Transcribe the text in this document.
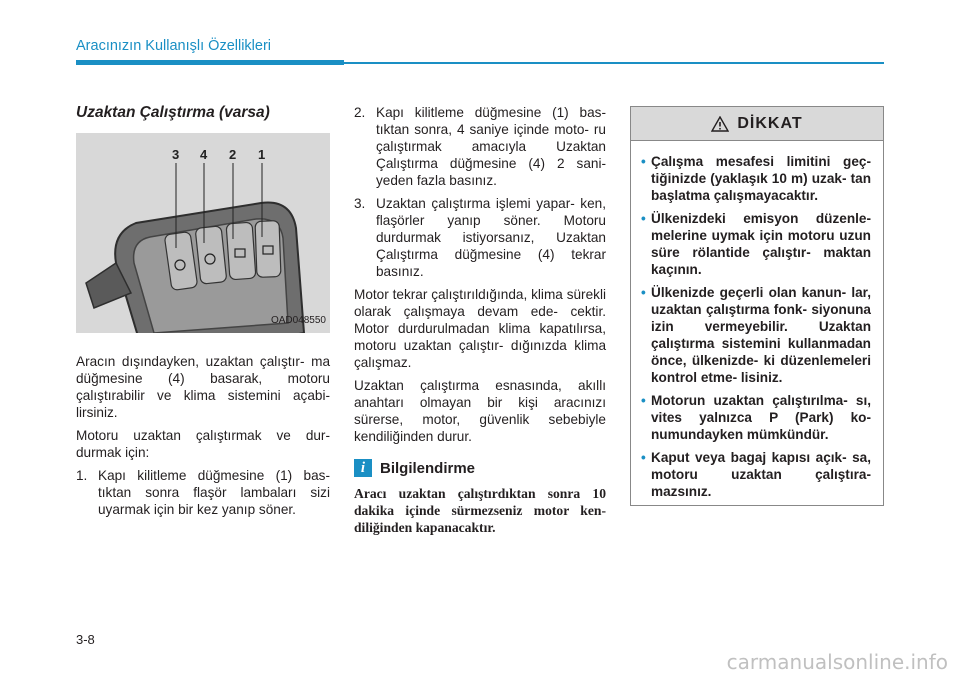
Aracınızın Kullanışlı Özellikleri
Uzaktan Çalıştırma (varsa)
3 4 2 1
OAD048550

Aracın dışındayken, uzaktan çalıştır- ma düğmesine (4) basarak, motoru çalıştırabilir ve klima sistemini açabi- lirsiniz.

Motoru uzaktan çalıştırmak ve dur- durmak için:

1. Kapı kilitleme düğmesine (1) bas- tıktan sonra flaşör lambaları sizi uyarmak için bir kez yanıp söner.
2. Kapı kilitleme düğmesine (1) bas- tıktan sonra, 4 saniye içinde moto- ru çalıştırmak amacıyla Uzaktan Çalıştırma düğmesine (4) 2 sani- yeden fazla basınız.
3. Uzaktan çalıştırma işlemi yapar- ken, flaşörler yanıp söner. Motoru durdurmak istiyorsanız, Uzaktan Çalıştırma düğmesine (4) tekrar basınız.

Motor tekrar çalıştırıldığında, klima sürekli olarak çalışmaya devam ede- cektir. Motor durdurulmadan klima kapatılırsa, motoru uzaktan çalıştır- dığınızda klima çalışmaz.

Uzaktan çalıştırma esnasında, akıllı anahtarı olmayan bir kişi aracınızı sürerse, motor, güvenlik sebebiyle kendiliğinden durur.

i Bilgilendirme
Aracı uzaktan çalıştırdıktan sonra 10 dakika içinde sürmezseniz motor ken- diliğinden kapanacaktır.
DİKKAT
• Çalışma mesafesi limitini geç- tiğinizde (yaklaşık 10 m) uzak- tan başlatma çalışmayacaktır.
• Ülkenizdeki emisyon düzenle- melerine uymak için motoru uzun süre rölantide çalıştır- maktan kaçının.
• Ülkenizde geçerli olan kanun- lar, uzaktan çalıştırma fonk- siyonuna izin vermeyebilir. Uzaktan çalıştırma sistemini kullanmadan önce, ülkenizde- ki düzenlemeleri kontrol etme- lisiniz.
• Motorun uzaktan çalıştırılma- sı, vites yalnızca P (Park) ko- numundayken mümkündür.
• Kaput veya bagaj kapısı açık- sa, motoru uzaktan çalıştıra- mazsınız.
3-8
carmanualsonline.info
